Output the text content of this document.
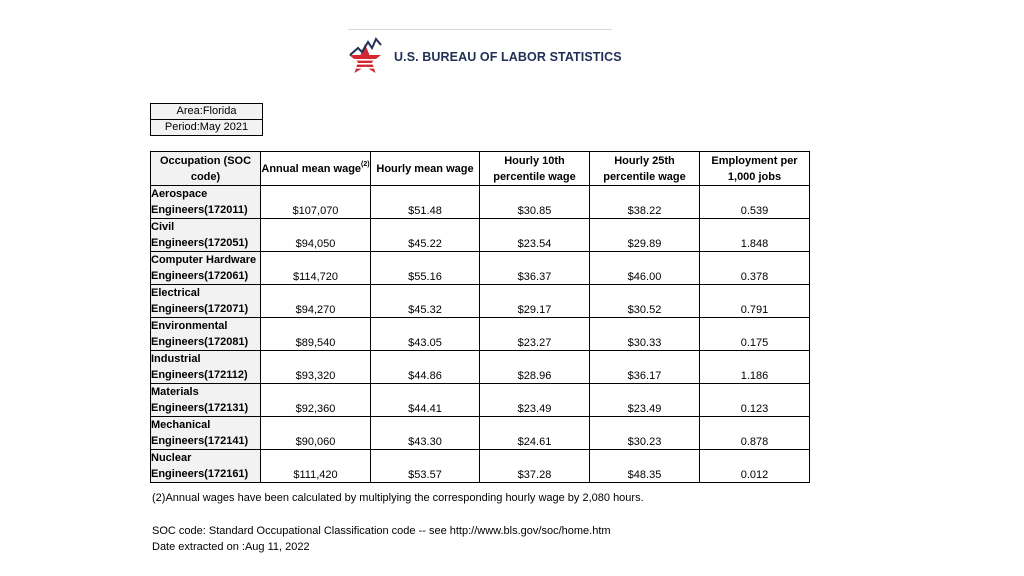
U.S. BUREAU OF LABOR STATISTICS
Area:Florida
Period:May 2021
Occupation (SOC code)	Annual mean wage$^{(2)}$	Hourly mean wage	Hourly 10th percentile wage	Hourly 25th percentile wage	Employment per 1,000 jobs
Aerospace Engineers(172011)	$107,070	$51.48	$30.85	$38.22	0.539
Civil Engineers(172051)	$94,050	$45.22	$23.54	$29.89	1.848
Computer Hardware Engineers(172061)	$114,720	$55.16	$36.37	$46.00	0.378
Electrical Engineers(172071)	$94,270	$45.32	$29.17	$30.52	0.791
Environmental Engineers(172081)	$89,540	$43.05	$23.27	$30.33	0.175
Industrial Engineers(172112)	$93,320	$44.86	$28.96	$36.17	1.186
Materials Engineers(172131)	$92,360	$44.41	$23.49	$23.49	0.123
Mechanical Engineers(172141)	$90,060	$43.30	$24.61	$30.23	0.878
Nuclear Engineers(172161)	$111,420	$53.57	$37.28	$48.35	0.012
(2)Annual wages have been calculated by multiplying the corresponding hourly wage by 2,080 hours.
SOC code: Standard Occupational Classification code -- see http://www.bls.gov/soc/home.htm
Date extracted on :Aug 11, 2022
